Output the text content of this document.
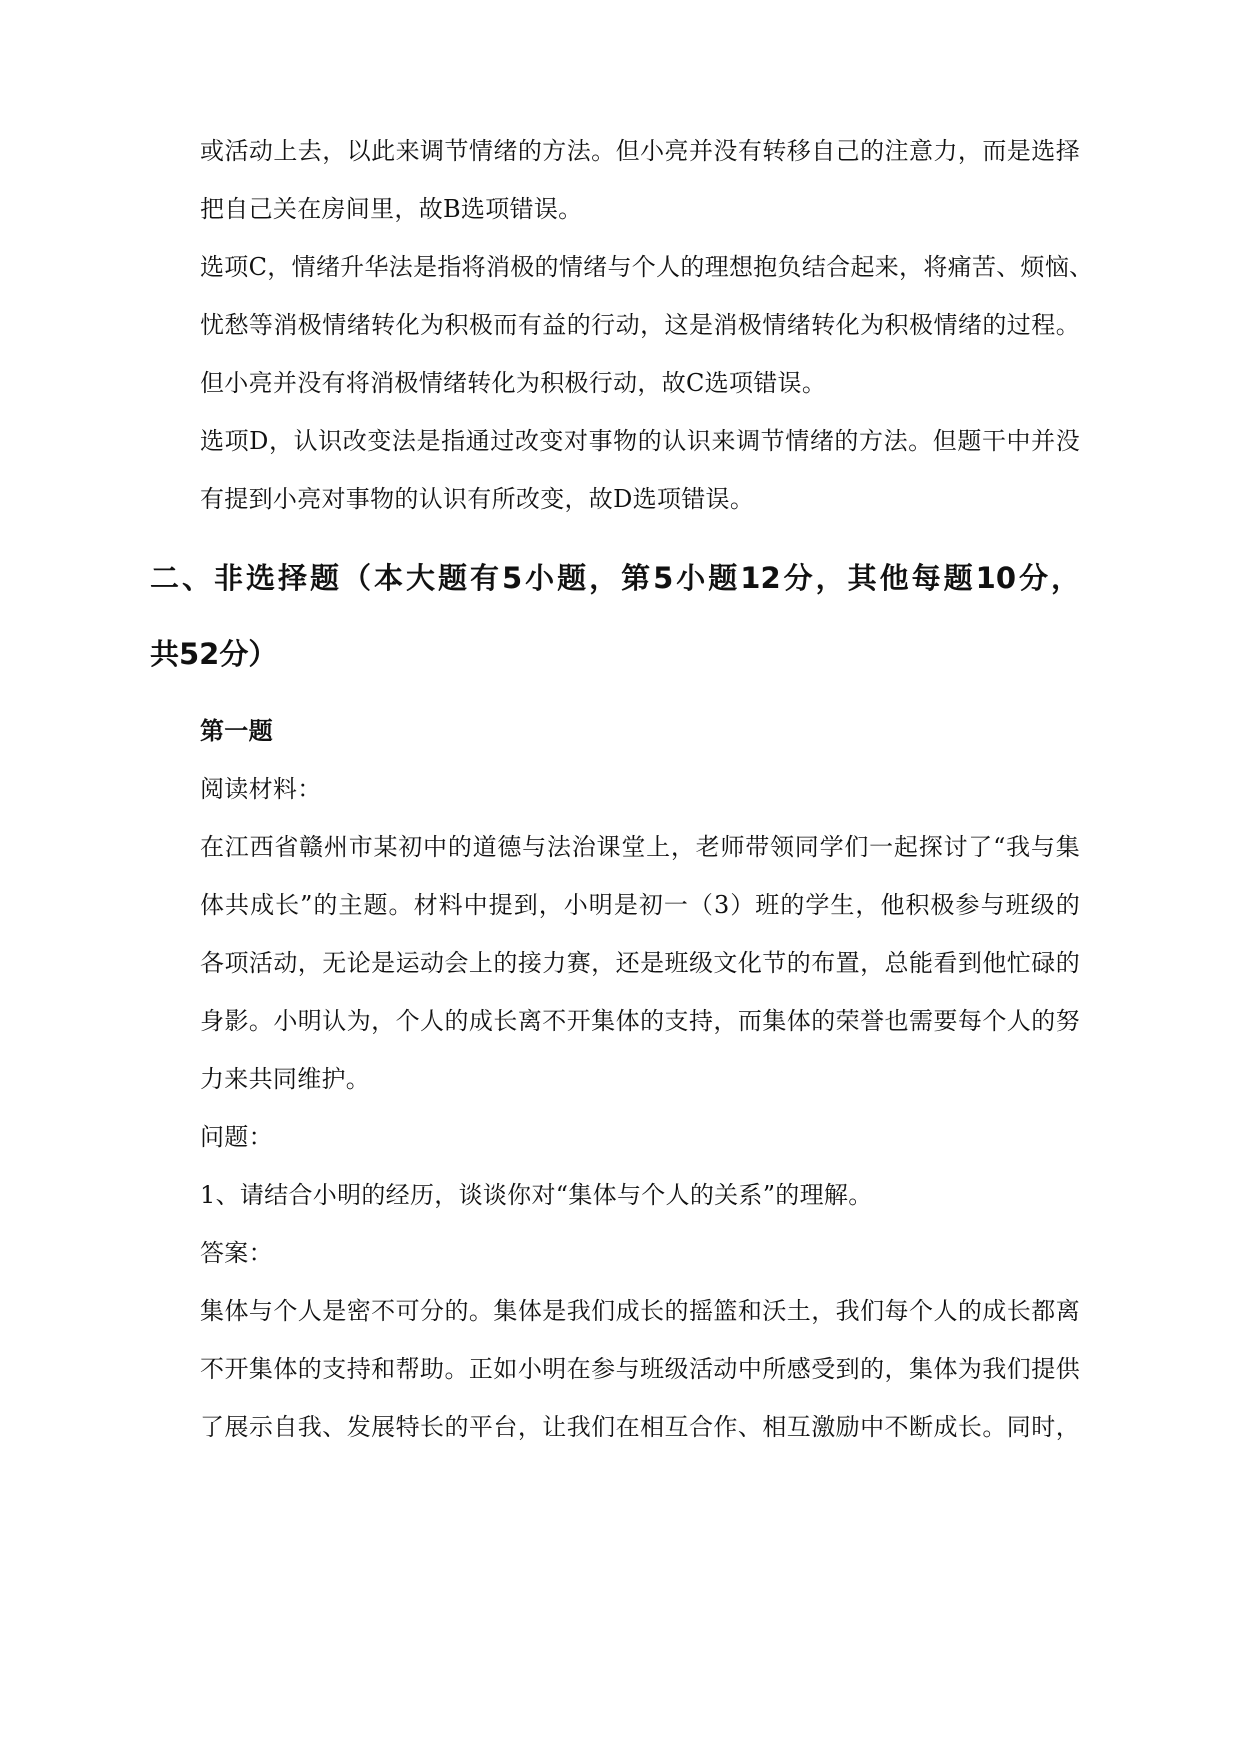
或活动上去，以此来调节情绪的方法。但小亮并没有转移自己的注意力，而是选择
把自己关在房间里，故B选项错误。
选项C，情绪升华法是指将消极的情绪与个人的理想抱负结合起来，将痛苦、烦恼、
忧愁等消极情绪转化为积极而有益的行动，这是消极情绪转化为积极情绪的过程。
但小亮并没有将消极情绪转化为积极行动，故C选项错误。
选项D，认识改变法是指通过改变对事物的认识来调节情绪的方法。但题干中并没
有提到小亮对事物的认识有所改变，故D选项错误。
二、非选择题（本大题有5小题，第5小题12分，其他每题10分，
共52分）
第一题
阅读材料：
在江西省赣州市某初中的道德与法治课堂上，老师带领同学们一起探讨了“我与集
体共成长”的主题。材料中提到，小明是初一（3）班的学生，他积极参与班级的
各项活动，无论是运动会上的接力赛，还是班级文化节的布置，总能看到他忙碌的
身影。小明认为，个人的成长离不开集体的支持，而集体的荣誉也需要每个人的努
力来共同维护。
问题：
1、请结合小明的经历，谈谈你对“集体与个人的关系”的理解。
答案：
集体与个人是密不可分的。集体是我们成长的摇篮和沃土，我们每个人的成长都离
不开集体的支持和帮助。正如小明在参与班级活动中所感受到的，集体为我们提供
了展示自我、发展特长的平台，让我们在相互合作、相互激励中不断成长。同时，
